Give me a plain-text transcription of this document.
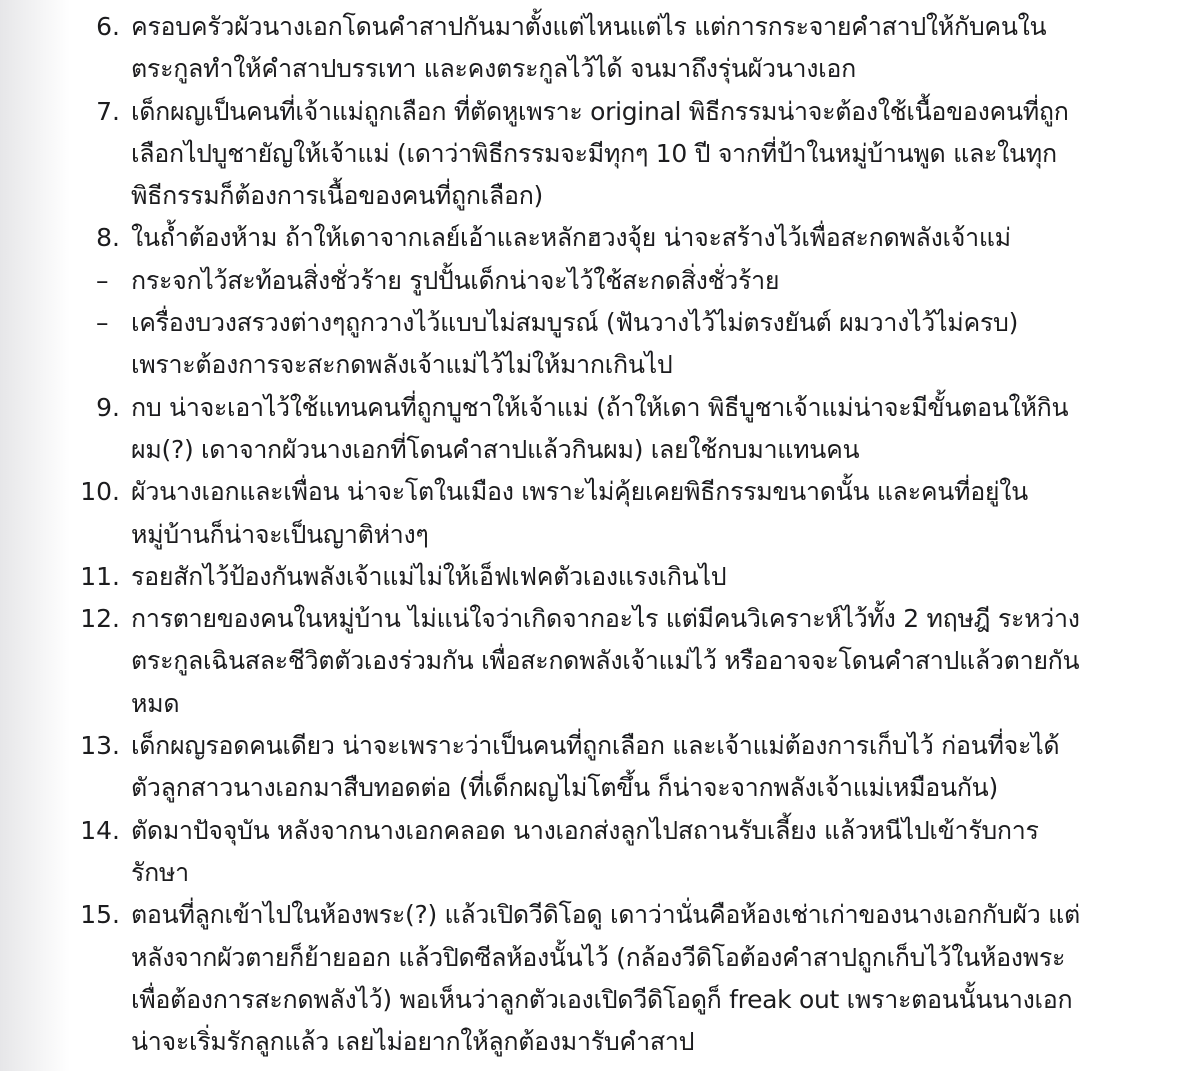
6. ครอบครัวผัวนางเอกโดนคำสาปกันมาตั้งแต่ไหนแต่ไร แต่การกระจายคำสาปให้กับคนใน
ตระกูลทำให้คำสาปบรรเทา และคงตระกูลไว้ได้ จนมาถึงรุ่นผัวนางเอก
7. เด็กผญเป็นคนที่เจ้าแม่ถูกเลือก ที่ตัดหูเพราะ original พิธีกรรมน่าจะต้องใช้เนื้อของคนที่ถูก
เลือกไปบูชายัญให้เจ้าแม่ (เดาว่าพิธีกรรมจะมีทุกๆ 10 ปี จากที่ป้าในหมู่บ้านพูด และในทุก
พิธีกรรมก็ต้องการเนื้อของคนที่ถูกเลือก)
8. ในถ้ำต้องห้าม ถ้าให้เดาจากเลย์เอ้าและหลักฮวงจุ้ย น่าจะสร้างไว้เพื่อสะกดพลังเจ้าแม่
– กระจกไว้สะท้อนสิ่งชั่วร้าย รูปปั้นเด็กน่าจะไว้ใช้สะกดสิ่งชั่วร้าย
– เครื่องบวงสรวงต่างๆถูกวางไว้แบบไม่สมบูรณ์ (ฟันวางไว้ไม่ตรงยันต์ ผมวางไว้ไม่ครบ)
เพราะต้องการจะสะกดพลังเจ้าแม่ไว้ไม่ให้มากเกินไป
9. กบ น่าจะเอาไว้ใช้แทนคนที่ถูกบูชาให้เจ้าแม่ (ถ้าให้เดา พิธีบูชาเจ้าแม่น่าจะมีขั้นตอนให้กิน
ผม(?) เดาจากผัวนางเอกที่โดนคำสาปแล้วกินผม) เลยใช้กบมาแทนคน
10. ผัวนางเอกและเพื่อน น่าจะโตในเมือง เพราะไม่คุ้ยเคยพิธีกรรมขนาดนั้น และคนที่อยู่ใน
หมู่บ้านก็น่าจะเป็นญาติห่างๆ
11. รอยสักไว้ป้องกันพลังเจ้าแม่ไม่ให้เอ็ฟเฟคตัวเองแรงเกินไป
12. การตายของคนในหมู่บ้าน ไม่แน่ใจว่าเกิดจากอะไร แต่มีคนวิเคราะห์ไว้ทั้ง 2 ทฤษฎี ระหว่าง
ตระกูลเฉินสละชีวิตตัวเองร่วมกัน เพื่อสะกดพลังเจ้าแม่ไว้ หรืออาจจะโดนคำสาปแล้วตายกัน
หมด
13. เด็กผญรอดคนเดียว น่าจะเพราะว่าเป็นคนที่ถูกเลือก และเจ้าแม่ต้องการเก็บไว้ ก่อนที่จะได้
ตัวลูกสาวนางเอกมาสืบทอดต่อ (ที่เด็กผญไม่โตขึ้น ก็น่าจะจากพลังเจ้าแม่เหมือนกัน)
14. ตัดมาปัจจุบัน หลังจากนางเอกคลอด นางเอกส่งลูกไปสถานรับเลี้ยง แล้วหนีไปเข้ารับการ
รักษา
15. ตอนที่ลูกเข้าไปในห้องพระ(?) แล้วเปิดวีดิโอดู เดาว่านั่นคือห้องเช่าเก่าของนางเอกกับผัว แต่
หลังจากผัวตายก็ย้ายออก แล้วปิดซีลห้องนั้นไว้ (กล้องวีดิโอต้องคำสาปถูกเก็บไว้ในห้องพระ
เพื่อต้องการสะกดพลังไว้) พอเห็นว่าลูกตัวเองเปิดวีดิโอดูก็ freak out เพราะตอนนั้นนางเอก
น่าจะเริ่มรักลูกแล้ว เลยไม่อยากให้ลูกต้องมารับคำสาป
